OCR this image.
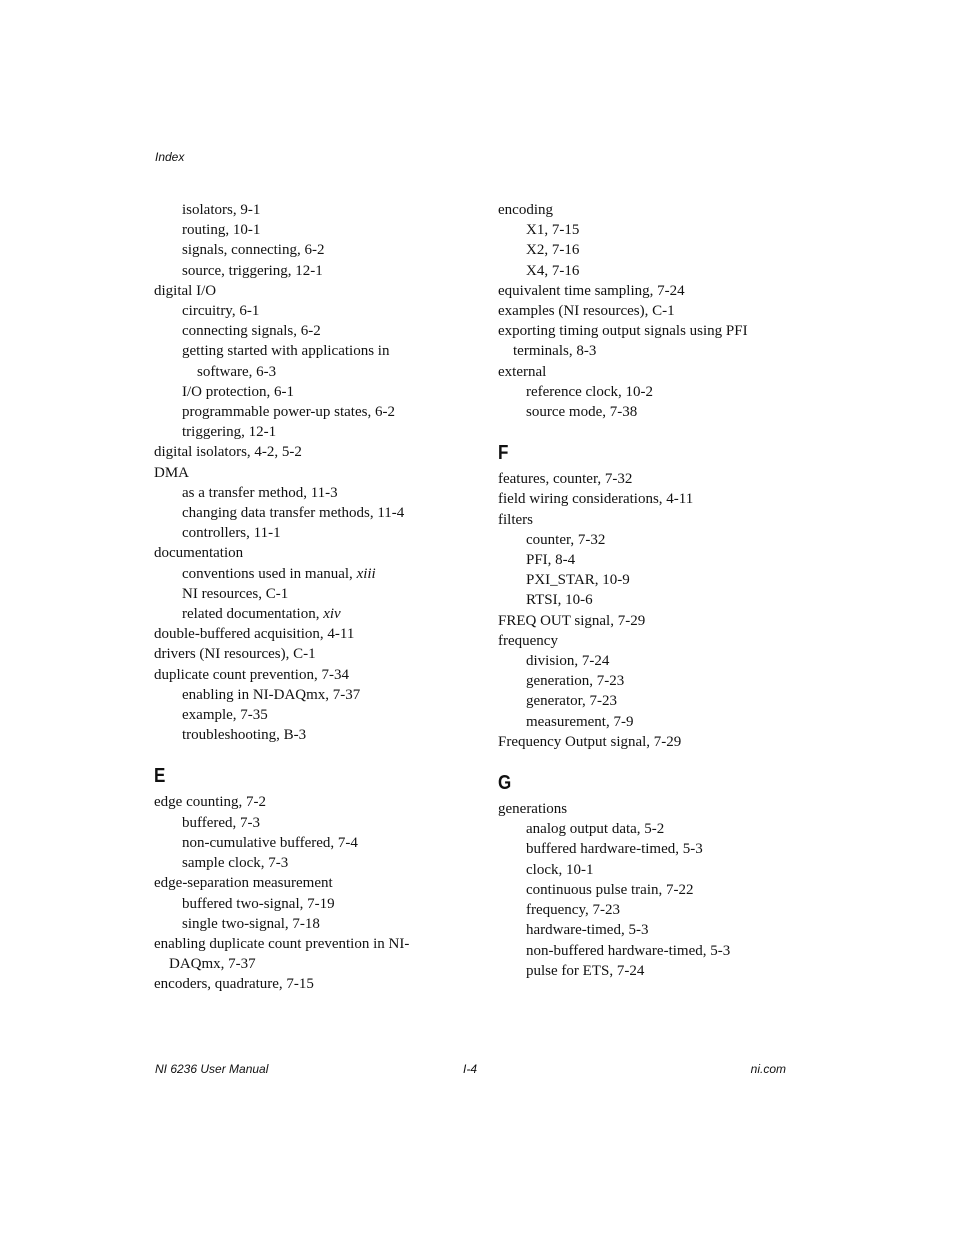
Index
isolators, 9-1
routing, 10-1
signals, connecting, 6-2
source, triggering, 12-1
digital I/O
circuitry, 6-1
connecting signals, 6-2
getting started with applications in software, 6-3
I/O protection, 6-1
programmable power-up states, 6-2
triggering, 12-1
digital isolators, 4-2, 5-2
DMA
as a transfer method, 11-3
changing data transfer methods, 11-4
controllers, 11-1
documentation
conventions used in manual, xiii
NI resources, C-1
related documentation, xiv
double-buffered acquisition, 4-11
drivers (NI resources), C-1
duplicate count prevention, 7-34
enabling in NI-DAQmx, 7-37
example, 7-35
troubleshooting, B-3
E
edge counting, 7-2
buffered, 7-3
non-cumulative buffered, 7-4
sample clock, 7-3
edge-separation measurement
buffered two-signal, 7-19
single two-signal, 7-18
enabling duplicate count prevention in NI-DAQmx, 7-37
encoders, quadrature, 7-15
encoding
X1, 7-15
X2, 7-16
X4, 7-16
equivalent time sampling, 7-24
examples (NI resources), C-1
exporting timing output signals using PFI terminals, 8-3
external
reference clock, 10-2
source mode, 7-38
F
features, counter, 7-32
field wiring considerations, 4-11
filters
counter, 7-32
PFI, 8-4
PXI_STAR, 10-9
RTSI, 10-6
FREQ OUT signal, 7-29
frequency
division, 7-24
generation, 7-23
generator, 7-23
measurement, 7-9
Frequency Output signal, 7-29
G
generations
analog output data, 5-2
buffered hardware-timed, 5-3
clock, 10-1
continuous pulse train, 7-22
frequency, 7-23
hardware-timed, 5-3
non-buffered hardware-timed, 5-3
pulse for ETS, 7-24
NI 6236 User Manual	I-4	ni.com
